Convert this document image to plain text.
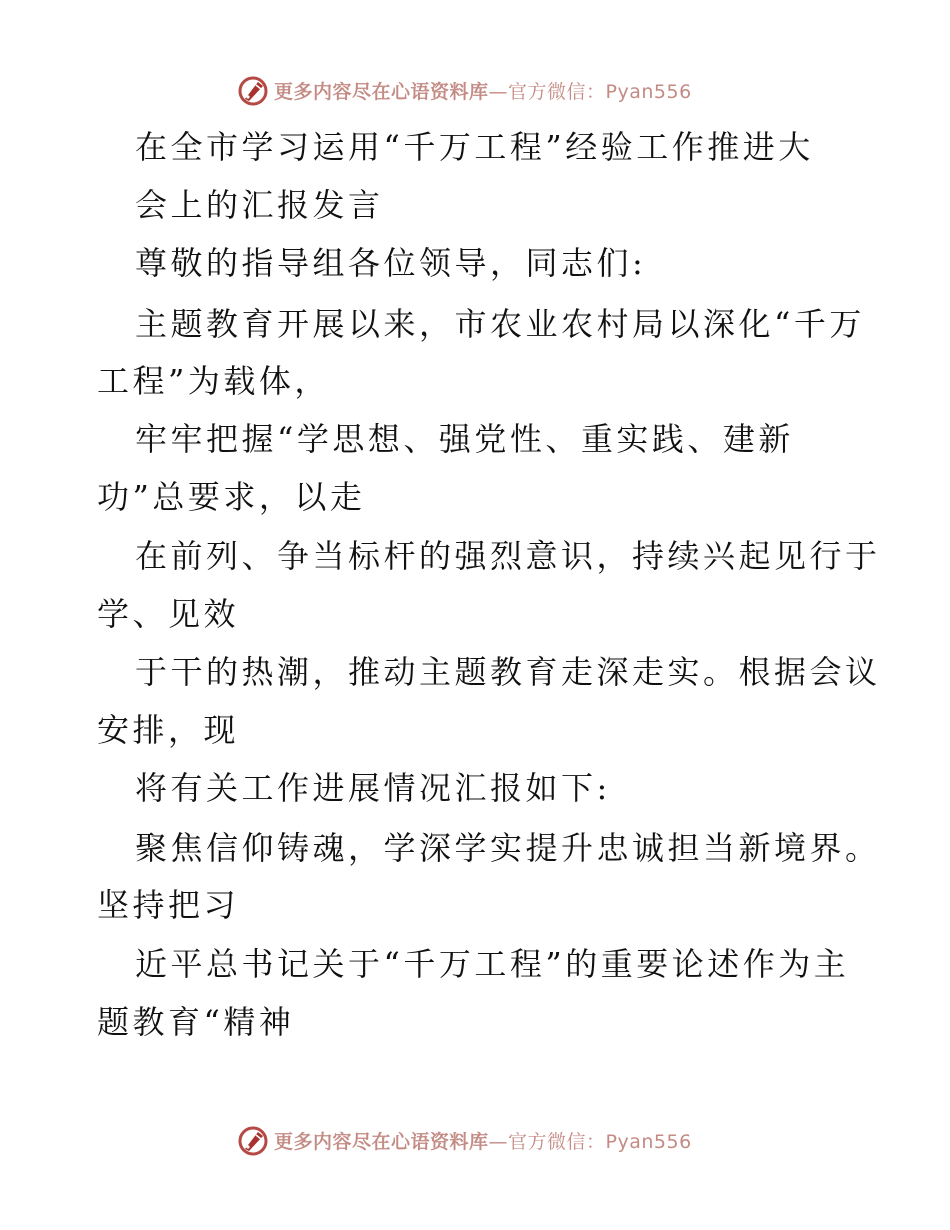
更多内容尽在心语资料库—官方微信：Pyan556
在全市学习运用“千万工程”经验工作推进大
会上的汇报发言
尊敬的指导组各位领导，同志们:
主题教育开展以来，市农业农村局以深化“千万
工程”为载体，
牢牢把握“学思想、强党性、重实践、建新
功”总要求，以走
在前列、争当标杆的强烈意识，持续兴起见行于
学、见效
于干的热潮，推动主题教育走深走实。根据会议
安排，现
将有关工作进展情况汇报如下:
聚焦信仰铸魂，学深学实提升忠诚担当新境界。
坚持把习
近平总书记关于“千万工程”的重要论述作为主
题教育“精神
更多内容尽在心语资料库—官方微信：Pyan556
